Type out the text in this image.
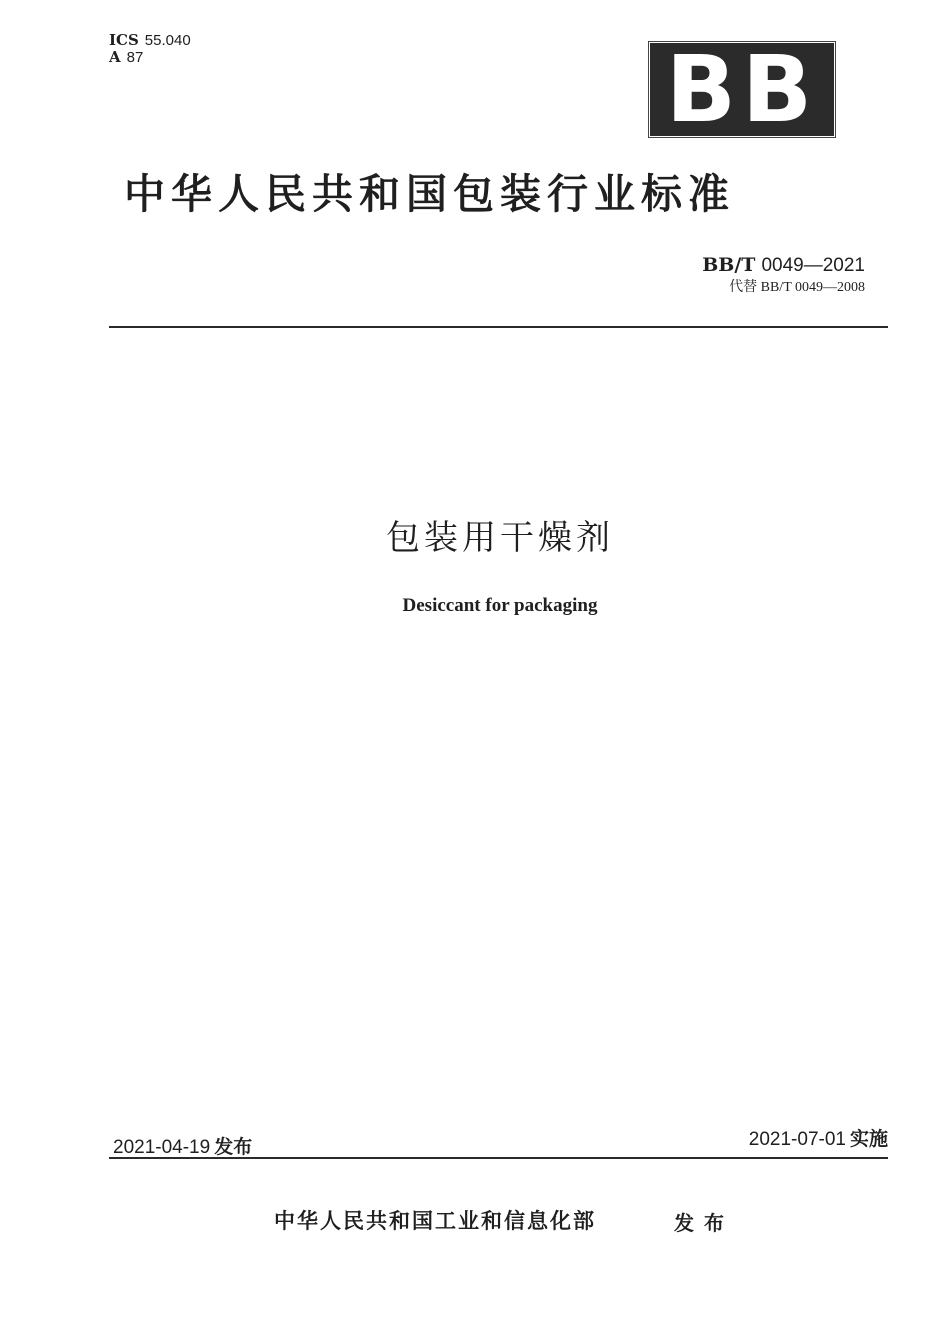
ICS 55.040
A 87	BB
中华人民共和国包装行业标准
BB/T 0049—2021
代替 BB/T 0049—2008
包装用干燥剂
Desiccant for packaging
2021-04-19 发布	2021-07-01 实施
中华人民共和国工业和信息化部	发布
